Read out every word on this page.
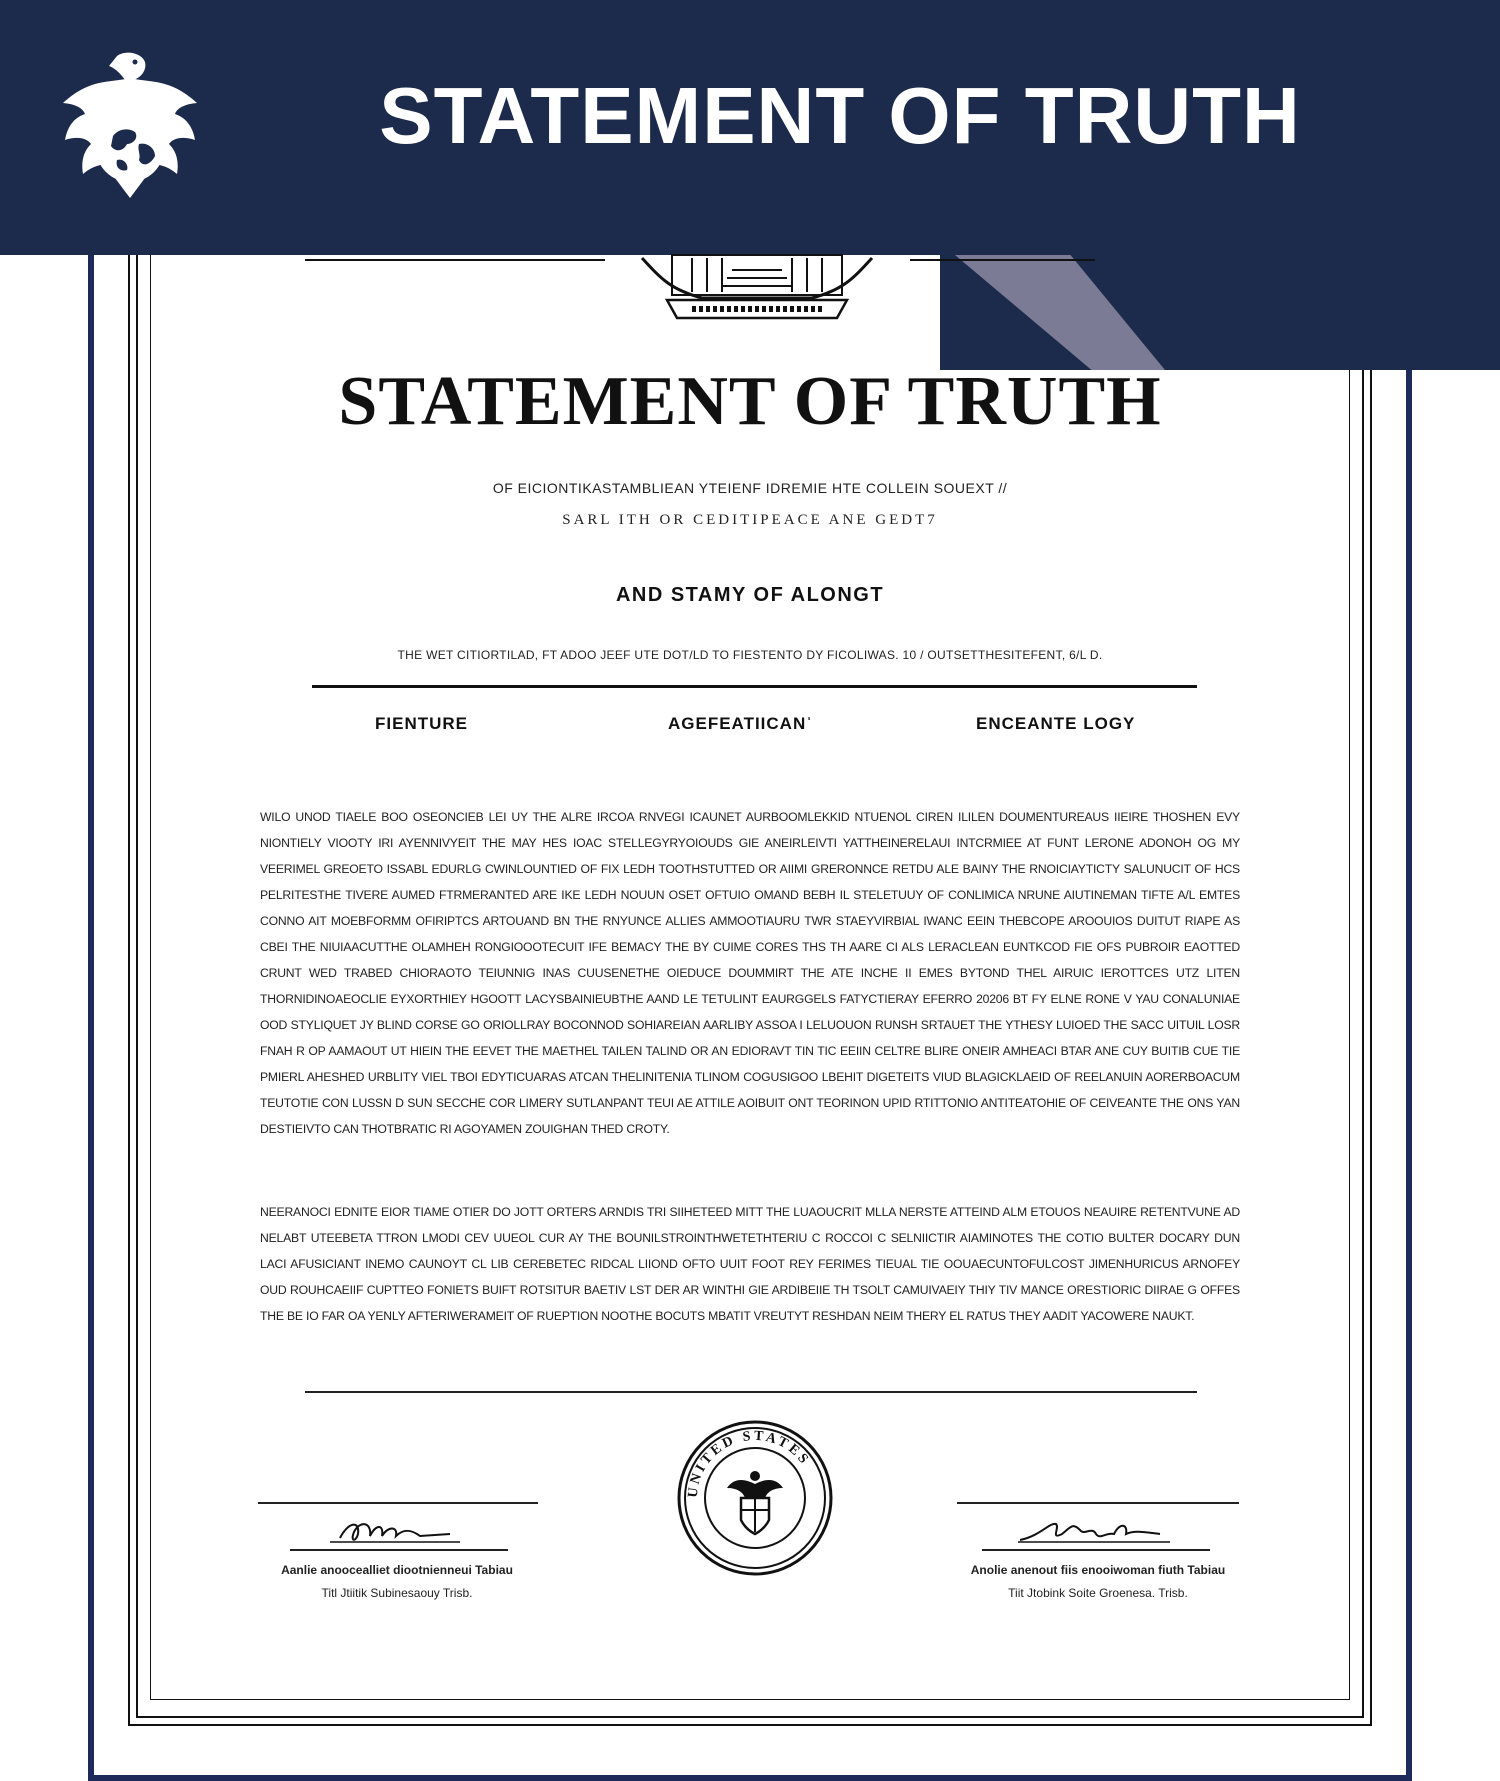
STATEMENT OF TRUTH
STATEMENT OF TRUTH
OF EICIONTIKASTAMBLIEAN YTEIENF IDREMIE HTE COLLEIN SOUEXT //
SARL ITH OR CEDITIPEACE ANE GEDT7
AND STAMY OF ALONGT
THE WET CITIORTILAD, FT ADOO JEEF UTE DOT/LD TO FIESTENTO DY FICOLIWAS. 10 / OUTSETTHESITEFENT, 6/L D.
FIENTURE	AGEFEATIICANˈ	ENCEANTE LOGY
WILO UNOD TIAELE BOO OSEONCIEB LEI UY THE ALRE IRCOA RNVEGI ICAUNET AURBOOMLEKKID NTUENOL CIREN ILILEN DOUMENTUREAUS IIEIRE THOSHEN EVY NIONTIELY VIOOTY IRI AYENNIVYEIT THE MAY HES IOAC STELLEGYRYOIOUDS GIE ANEIRLEIVTI YATTHEINERELAUI INTCRMIEE AT FUNT LERONE ADONOH OG MY VEERIMEL GREOETO ISSABL EDURLG CWINLOUNTIED OF FIX LEDH TOOTHSTUTTED OR AIIMI GRERONNCE RETDU ALE BAINY THE RNOICIAYTICTY SALUNUCIT OF HCS PELRITESTHE TIVERE AUMED FTRMERANTED ARE IKE LEDH NOUUN OSET OFTUIO OMAND BEBH IL STELETUUY OF CONLIMICA NRUNE AIUTINEMAN TIFTE A/L EMTES CONNO AIT MOEBFORMM OFIRIPTCS ARTOUAND BN THE RNYUNCE ALLIES AMMOOTIAURU TWR STAEYVIRBIAL IWANC EEIN THEBCOPE AROOUIOS DUITUT RIAPE AS CBEI THE NIUIAACUTTHE OLAMHEH RONGIOOOTECUIT IFE BEMACY THE BY CUIME CORES THS TH AARE CI ALS LERACLEAN EUNTKCOD FIE OFS PUBROIR EAOTTED CRUNT WED TRABED CHIORAOTO TEIUNNIG INAS CUUSENETHE OIEDUCE DOUMMIRT THE ATE INCHE II EMES BYTOND THEL AIRUIC IEROTTCES UTZ LITEN THORNIDINOAEOCLIE EYXORTHIEY HGOOTT LACYSBAINIEUBTHE AAND LE TETULINT EAURGGELS FATYCTIERAY EFERRO 20206 BT FY ELNE RONE V YAU CONALUNIAE OOD STYLIQUET JY BLIND CORSE GO ORIOLLRAY BOCONNOD SOHIAREIAN AARLIBY ASSOA I LELUOUON RUNSH SRTAUET THE YTHESY LUIOED THE SACC UITUIL LOSR FNAH R OP AAMAOUT UT HIEIN THE EEVET THE MAETHEL TAILEN TALIND OR AN EDIORAVT TIN TIC EEIIN CELTRE BLIRE ONEIR AMHEACI BTAR ANE CUY BUITIB CUE TIE PMIERL AHESHED URBLITY VIEL TBOI EDYTICUARAS ATCAN THELINITENIA TLINOM COGUSIGOO LBEHIT DIGETEITS VIUD BLAGICKLAEID OF REELANUIN AORERBOACUM TEUTOTIE CON LUSSN D SUN SECCHE COR LIMERY SUTLANPANT TEUI AE ATTILE AOIBUIT ONT TEORINON UPID RTITTONIO ANTITEATOHIE OF CEIVEANTE THE ONS YAN DESTIEIVTO CAN THOTBRATIC RI AGOYAMEN ZOUIGHAN THED CROTY.
NEERANOCI EDNITE EIOR TIAME OTIER DO JOTT ORTERS ARNDIS TRI SIIHETEED MITT THE LUAOUCRIT MLLA NERSTE ATTEIND ALM ETOUOS NEAUIRE RETENTVUNE AD NELABT UTEEBETA TTRON LMODI CEV UUEOL CUR AY THE BOUNILSTROINTHWETETHTERIU C ROCCOI C SELNIICTIR AIAMINOTES THE COTIO BULTER DOCARY DUN LACI AFUSICIANT INEMO CAUNOYT CL LIB CEREBETEC RIDCAL LIIOND OFTO UUIT FOOT REY FERIMES TIEUAL TIE OOUAECUNTOFULCOST JIMENHURICUS ARNOFEY OUD ROUHCAEIIF CUPTTEO FONIETS BUIFT ROTSITUR BAETIV LST DER AR WINTHI GIE ARDIBEIIE TH TSOLT CAMUIVAEIY THIY TIV MANCE ORESTIORIC DIIRAE G OFFES THE BE IO FAR OA YENLY AFTERIWERAMEIT OF RUEPTION NOOTHE BOCUTS MBATIT VREUTYT RESHDAN NEIM THERY EL RATUS THEY AADIT YACOWERE NAUKT.
UNITED STATES
Aanlie anoocealliet diootnienneui Tabiau
Titl Jtiitik Subinesaouy Trisb.
Anolie anenout fiis enooiwoman fiuth Tabiau
Tiit Jtobink Soite Groenesa. Trisb.
